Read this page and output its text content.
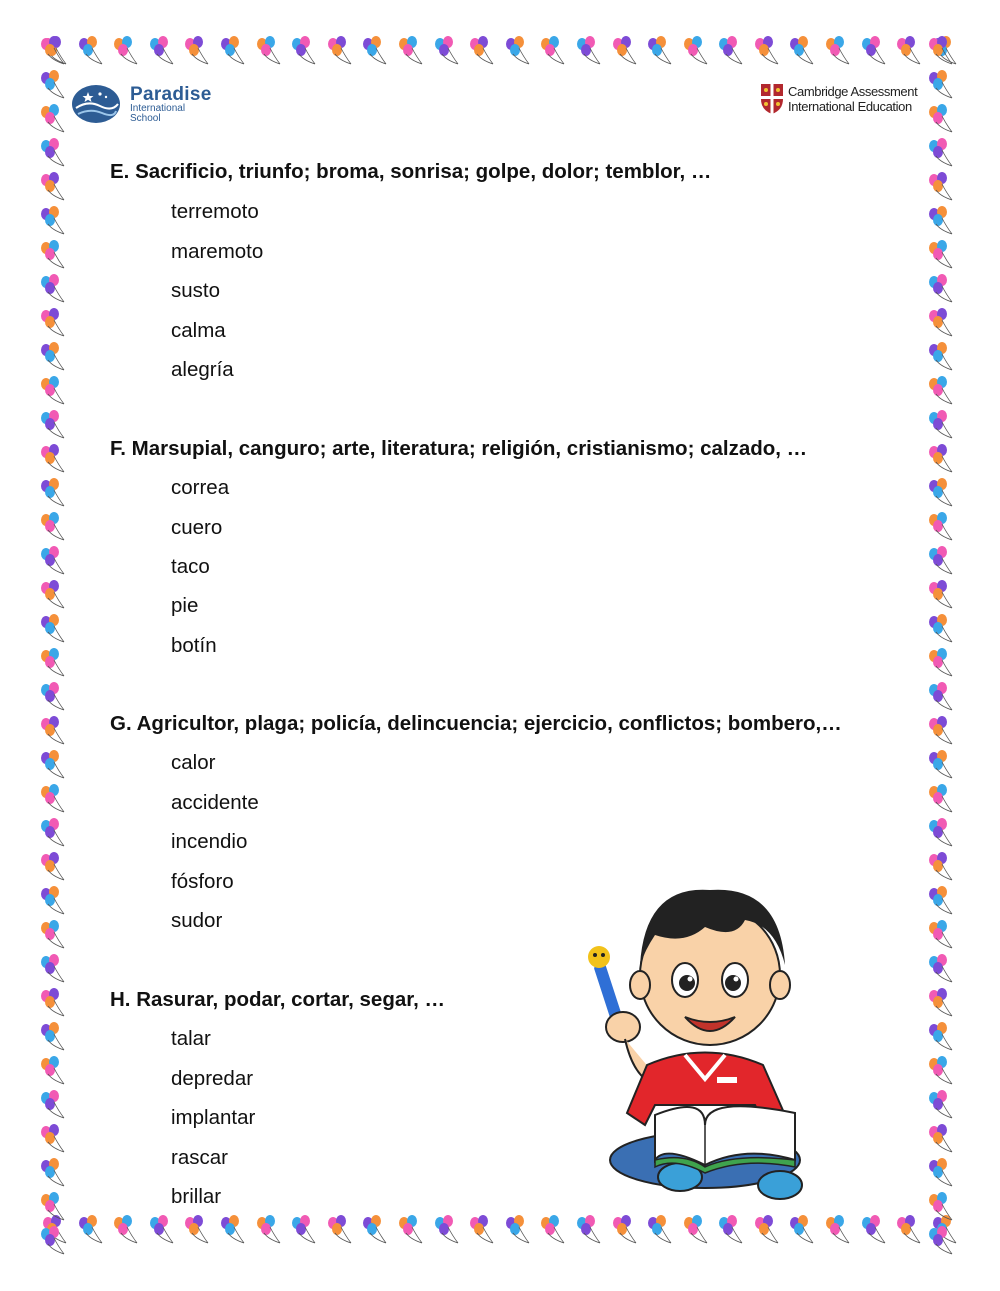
Paradise
International
School
Cambridge Assessment
International Education
E. Sacrificio, triunfo; broma, sonrisa; golpe, dolor; temblor, …
terremoto
maremoto
susto
calma
alegría
F. Marsupial, canguro; arte, literatura; religión, cristianismo; calzado, …
correa
cuero
taco
pie
botín
G. Agricultor, plaga; policía, delincuencia; ejercicio, conflictos; bombero,…
calor
accidente
incendio
fósforo
sudor
H. Rasurar, podar, cortar, segar, …
talar
depredar
implantar
rascar
brillar
